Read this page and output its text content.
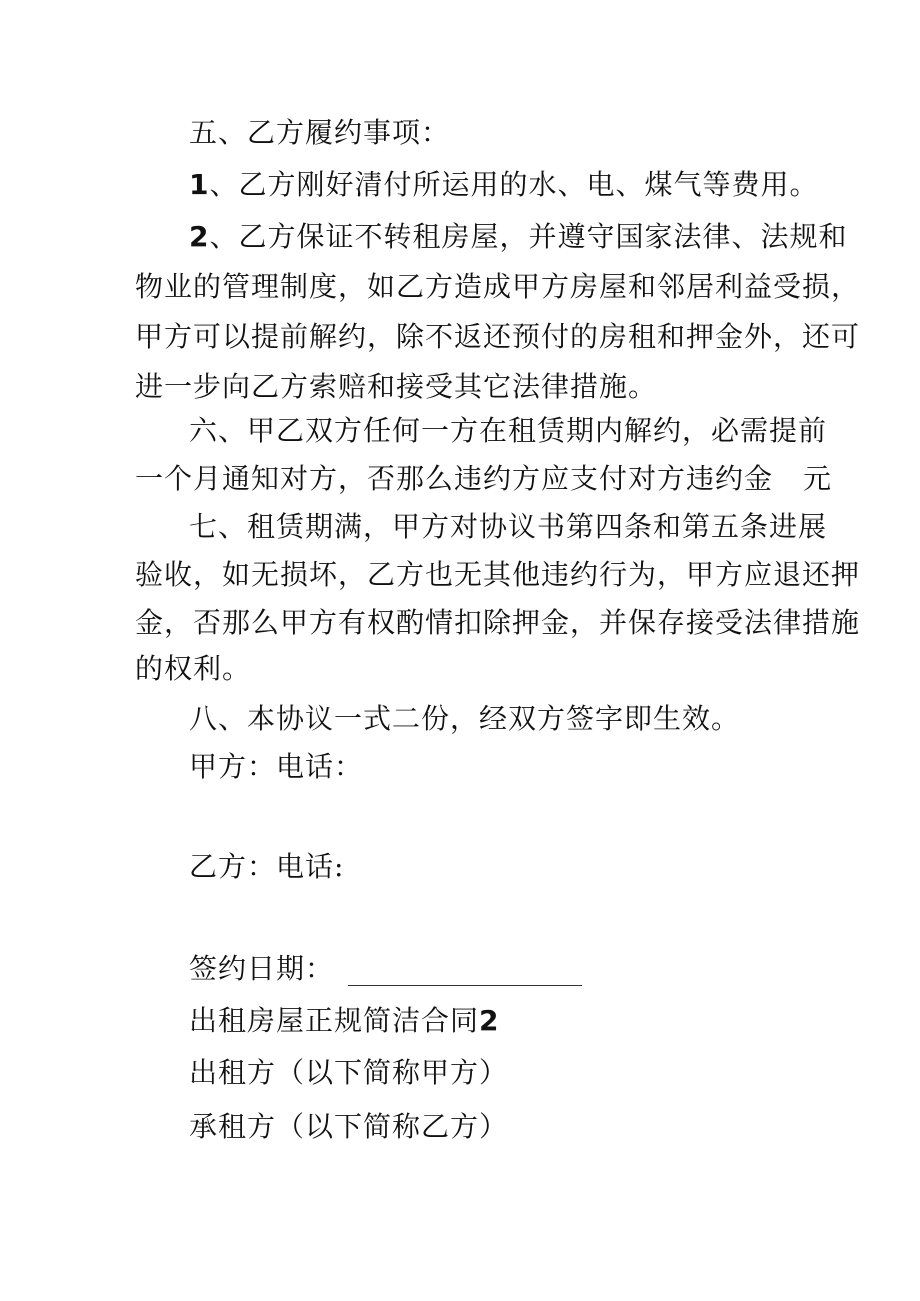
五、乙方履约事项：
1、乙方刚好清付所运用的水、电、煤气等费用。
2、乙方保证不转租房屋，并遵守国家法律、法规和
物业的管理制度，如乙方造成甲方房屋和邻居利益受损，
甲方可以提前解约，除不返还预付的房租和押金外，还可
进一步向乙方索赔和接受其它法律措施。
六、甲乙双方任何一方在租赁期内解约，必需提前
一个月通知对方，否那么违约方应支付对方违约金 元
七、租赁期满，甲方对协议书第四条和第五条进展
验收，如无损坏，乙方也无其他违约行为，甲方应退还押
金，否那么甲方有权酌情扣除押金，并保存接受法律措施
的权利。
八、本协议一式二份，经双方签字即生效。
甲方：电话：
乙方：电话:
签约日期：
出租房屋正规简洁合同2
出租方（以下简称甲方）
承租方（以下简称乙方）
